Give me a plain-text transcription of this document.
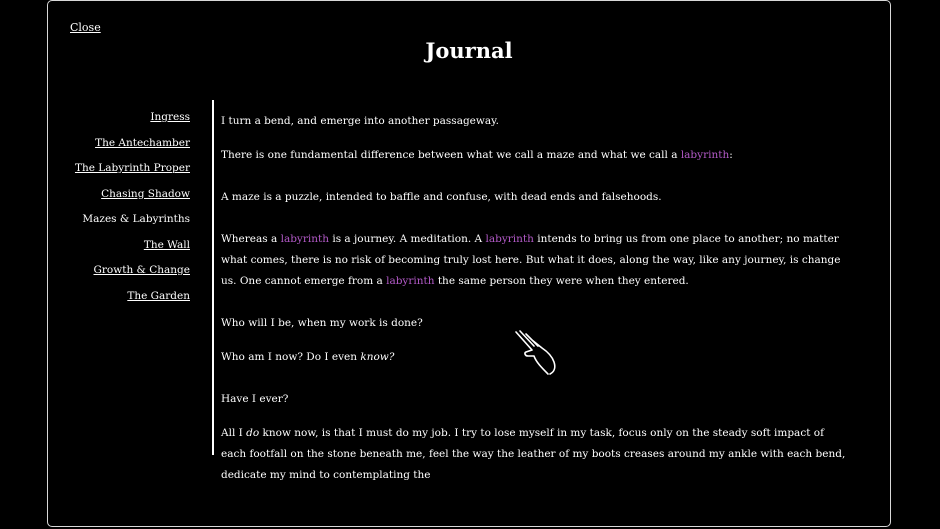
Close
Journal
Ingress
The Antechamber
The Labyrinth Proper
Chasing Shadow
Mazes & Labyrinths
The Wall
Growth & Change
The Garden

I turn a bend, and emerge into another passageway.

There is one fundamental difference between what we call a maze and what we call a labyrinth:

A maze is a puzzle, intended to baffle and confuse, with dead ends and falsehoods.

Whereas a labyrinth is a journey. A meditation. A labyrinth intends to bring us from one place to another; no matter what comes, there is no risk of becoming truly lost here. But what it does, along the way, like any journey, is change us. One cannot emerge from a labyrinth the same person they were when they entered.

Who will I be, when my work is done?

Who am I now? Do I even know?

Have I ever?

All I do know now, is that I must do my job. I try to lose myself in my task, focus only on the steady soft impact of each footfall on the stone beneath me, feel the way the leather of my boots creases around my ankle with each bend, dedicate my mind to contemplating the
